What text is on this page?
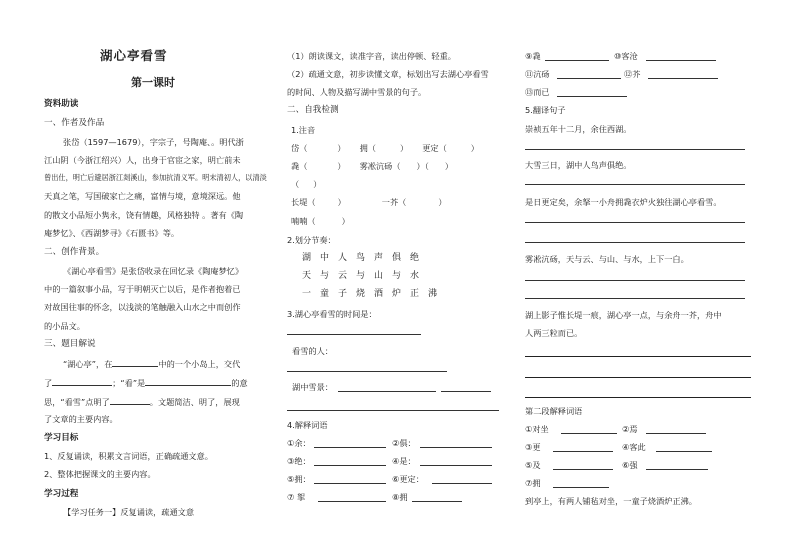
湖心亭看雪
第一课时
资料助读
一、作者及作品
张岱（1597—1679），字宗子，号陶庵、。明代浙
江山阴（今浙江绍兴）人，出身于官宦之家，明亡前未
曾出仕，明亡后避居浙江剡溪山，参加抗清义军。明末清初人，以清淡
天真之笔，写国破家亡之痛，富情与境，意境深远。他
的散文小品短小隽永，饶有情趣，风格独特 。著有《陶
庵梦忆》、《西湖梦寻》《石匮书》等。
二、创作背景。
《湖心亭看雪》是张岱收录在回忆录《陶庵梦忆》
中的一篇叙事小品，写于明朝灭亡以后，是作者抱着已
对故国往事的怀念，以浅淡的笔触融入山水之中而创作
的小品文。
三、题目解说
“湖心亭”，在	中的一个小岛上，交代
了	；“看”是	的意
思，“看雪”点明了	。文题简洁、明了，展现
了文章的主要内容。
学习目标
1、反复诵读，积累文言词语，正确疏通文意。
2、整体把握课文的主要内容。
学习过程
【学习任务一】反复诵读，疏通文意
（1）朗读课文，读准字音，读出停顿、轻重。
（2）疏通文意，初步读懂文章，标划出写去湖心亭看雪
的时间、人物及描写湖中雪景的句子。
二、自我检测
1.注音
岱（	） 拥（	） 更定（	）
毳（	） 雾凇沆砀（ ）（ ）
（ ）
长堤（	）	一芥（	）
喃喃（	）
2.划分节奏：
湖中人鸟声俱绝
天与云与山与水
一童子烧酒炉正沸
3.湖心亭看雪的时间是：
看雪的人：
湖中雪景：
4.解释词语
①余：	②俱：
③绝：	④是：
⑤拥：	⑥更定：
⑦ 挐	⑧拥
⑨毳	⑩客沧
⑪沆砀	⑫芥
⑬而已
5.翻译句子
崇祯五年十二月，余住西湖。
大雪三日，湖中人鸟声俱绝。
是日更定矣，余拏一小舟拥毳衣炉火独往湖心亭看雪。
雾凇沆砀，天与云、与山、与水，上下一白。
湖上影子惟长堤一痕，湖心亭一点，与余舟一芥，舟中
人两三粒而已。
第二段解释词语
①对坐	②焉
③更	④客此
⑤及	⑥强
⑦拥
到亭上，有两人铺毡对坐，一童子烧酒炉正沸。
